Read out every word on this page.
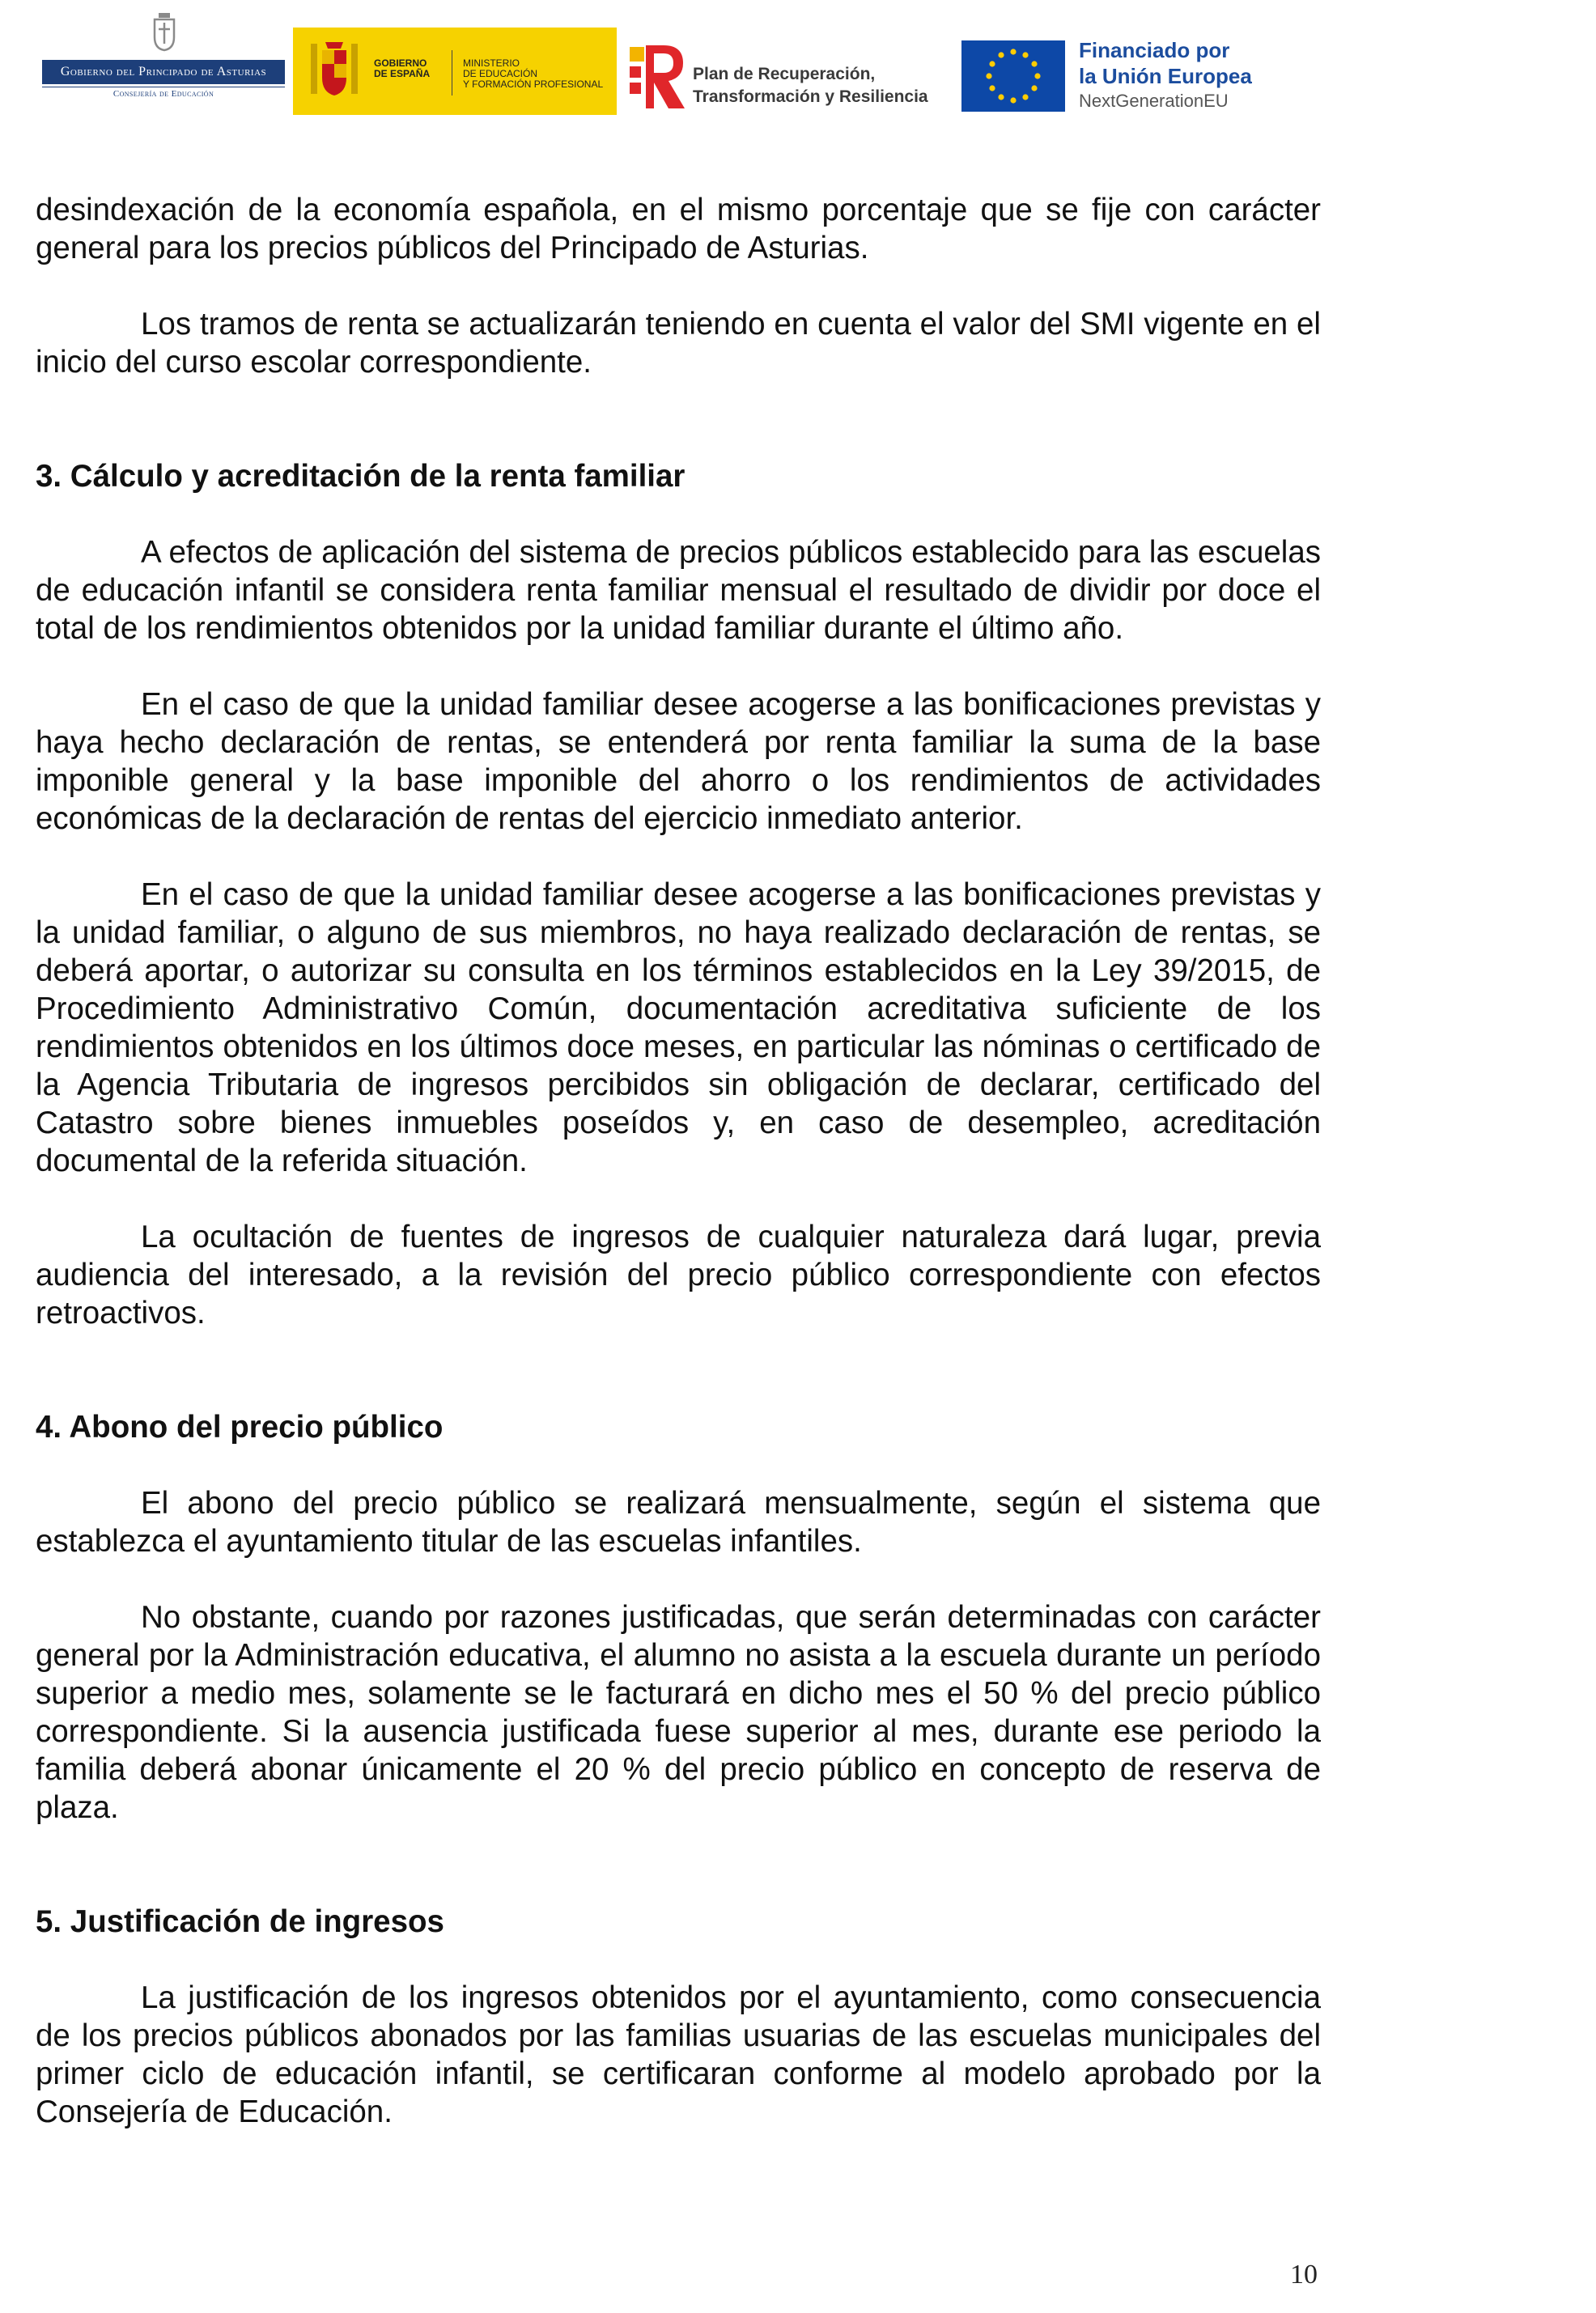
Gobierno del Principado de Asturias
Consejería de Educación
GOBIERNO
DE ESPAÑA
MINISTERIO
DE EDUCACIÓN
Y FORMACIÓN PROFESIONAL
Plan de Recuperación,
Transformación y Resiliencia
Financiado por
la Unión Europea
NextGenerationEU

desindexación de la economía española, en el mismo porcentaje que se fije con carácter general para los precios públicos del Principado de Asturias.

Los tramos de renta se actualizarán teniendo en cuenta el valor del SMI vigente en el inicio del curso escolar correspondiente.

3. Cálculo y acreditación de la renta familiar

A efectos de aplicación del sistema de precios públicos establecido para las escuelas de educación infantil se considera renta familiar mensual el resultado de dividir por doce el total de los rendimientos obtenidos por la unidad familiar durante el último año.

En el caso de que la unidad familiar desee acogerse a las bonificaciones previstas y haya hecho declaración de rentas, se entenderá por renta familiar la suma de la base imponible general y la base imponible del ahorro o los rendimientos de actividades económicas de la declaración de rentas del ejercicio inmediato anterior.

En el caso de que la unidad familiar desee acogerse a las bonificaciones previstas y la unidad familiar, o alguno de sus miembros, no haya realizado declaración de rentas, se deberá aportar, o autorizar su consulta en los términos establecidos en la Ley 39/2015, de Procedimiento Administrativo Común, documentación acreditativa suficiente de los rendimientos obtenidos en los últimos doce meses, en particular las nóminas o certificado de la Agencia Tributaria de ingresos percibidos sin obligación de declarar, certificado del Catastro sobre bienes inmuebles poseídos y, en caso de desempleo, acreditación documental de la referida situación.

La ocultación de fuentes de ingresos de cualquier naturaleza dará lugar, previa audiencia del interesado, a la revisión del precio público correspondiente con efectos retroactivos.

4. Abono del precio público

El abono del precio público se realizará mensualmente, según el sistema que establezca el ayuntamiento titular de las escuelas infantiles.

No obstante, cuando por razones justificadas, que serán determinadas con carácter general por la Administración educativa, el alumno no asista a la escuela durante un período superior a medio mes, solamente se le facturará en dicho mes el 50 % del precio público correspondiente. Si la ausencia justificada fuese superior al mes, durante ese periodo la familia deberá abonar únicamente el 20 % del precio público en concepto de reserva de plaza.

5. Justificación de ingresos

La justificación de los ingresos obtenidos por el ayuntamiento, como consecuencia de los precios públicos abonados por las familias usuarias de las escuelas municipales del primer ciclo de educación infantil, se certificaran conforme al modelo aprobado por la Consejería de Educación.

10
